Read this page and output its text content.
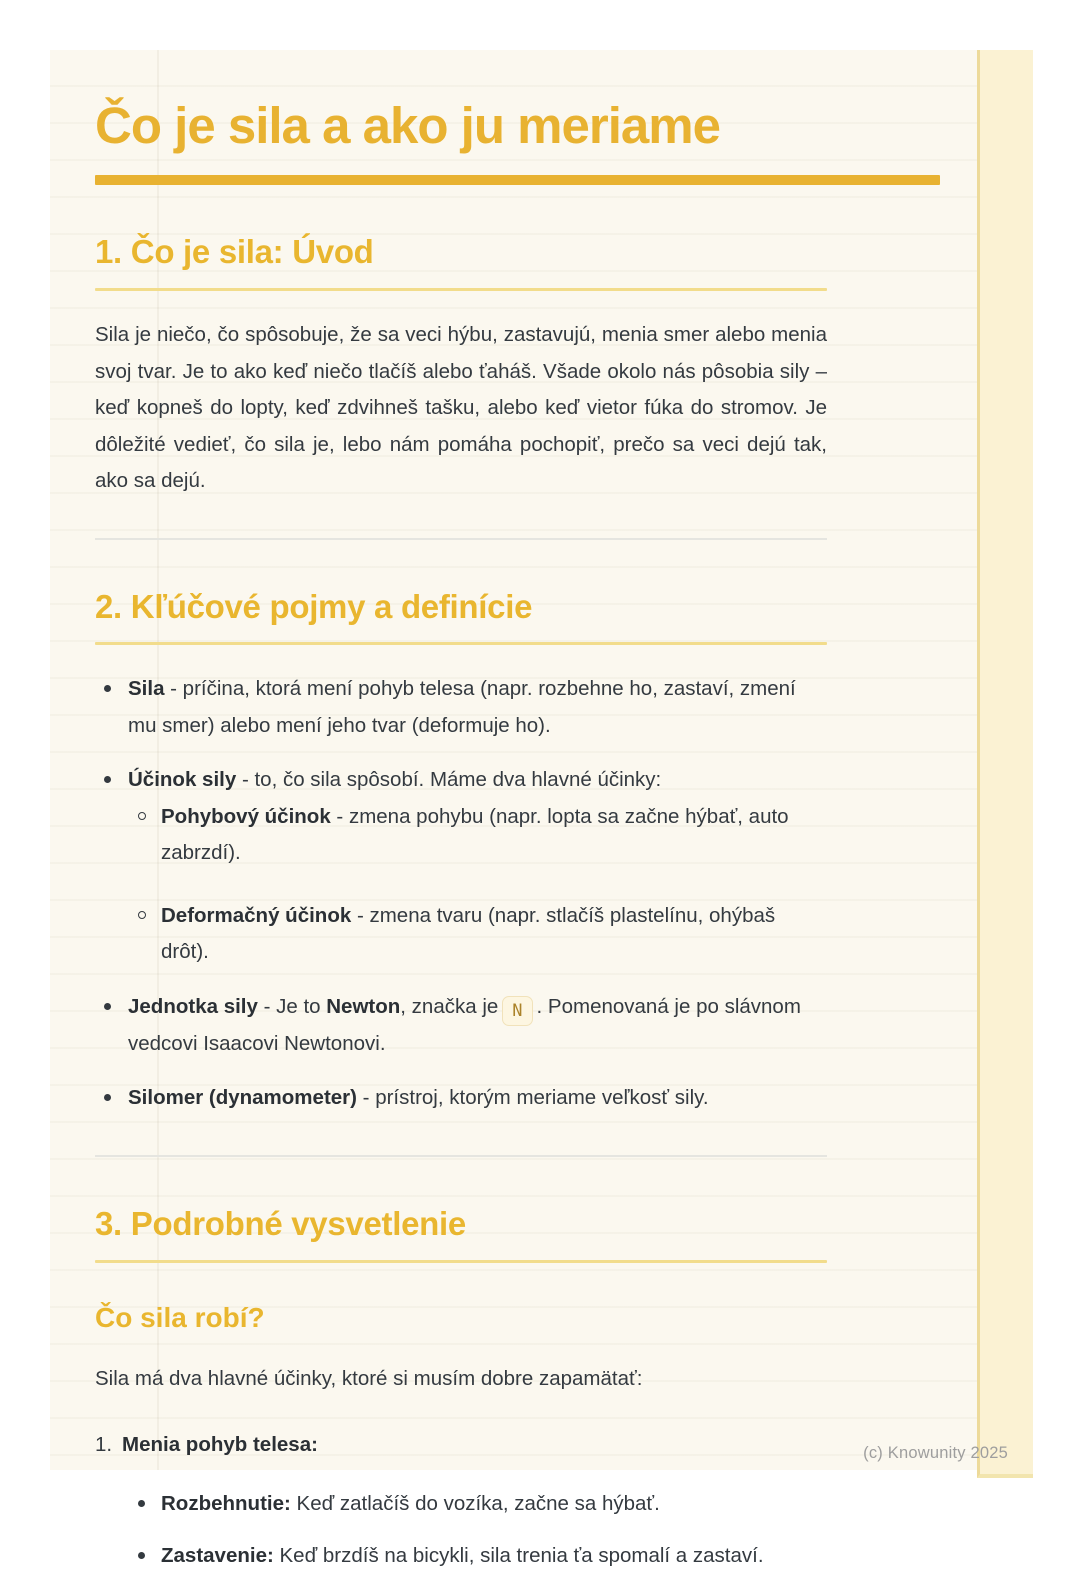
Čo je sila a ako ju meriame
1. Čo je sila: Úvod

Sila je niečo, čo spôsobuje, že sa veci hýbu, zastavujú, menia smer alebo menia svoj tvar. Je to ako keď niečo tlačíš alebo ťaháš. Všade okolo nás pôsobia sily – keď kopneš do lopty, keď zdvihneš tašku, alebo keď vietor fúka do stromov. Je dôležité vedieť, čo sila je, lebo nám pomáha pochopiť, prečo sa veci dejú tak, ako sa dejú.

2. Kľúčové pojmy a definície
Sila - príčina, ktorá mení pohyb telesa (napr. rozbehne ho, zastaví, zmení mu smer) alebo mení jeho tvar (deformuje ho).
Účinok sily - to, čo sila spôsobí. Máme dva hlavné účinky:
Pohybový účinok - zmena pohybu (napr. lopta sa začne hýbať, auto zabrzdí).
Deformačný účinok - zmena tvaru (napr. stlačíš plastelínu, ohýbaš drôt).
Jednotka sily - Je to Newton, značka je N . Pomenovaná je po slávnom vedcovi Isaacovi Newtonovi.
Silomer (dynamometer) - prístroj, ktorým meriame veľkosť sily.
3. Podrobné vysvetlenie
Čo sila robí?

Sila má dva hlavné účinky, ktoré si musím dobre zapamätať:

1. Menia pohyb telesa:
Rozbehnutie: Keď zatlačíš do vozíka, začne sa hýbať.
Zastavenie: Keď brzdíš na bicykli, sila trenia ťa spomalí a zastaví.
(c) Knowunity 2025
